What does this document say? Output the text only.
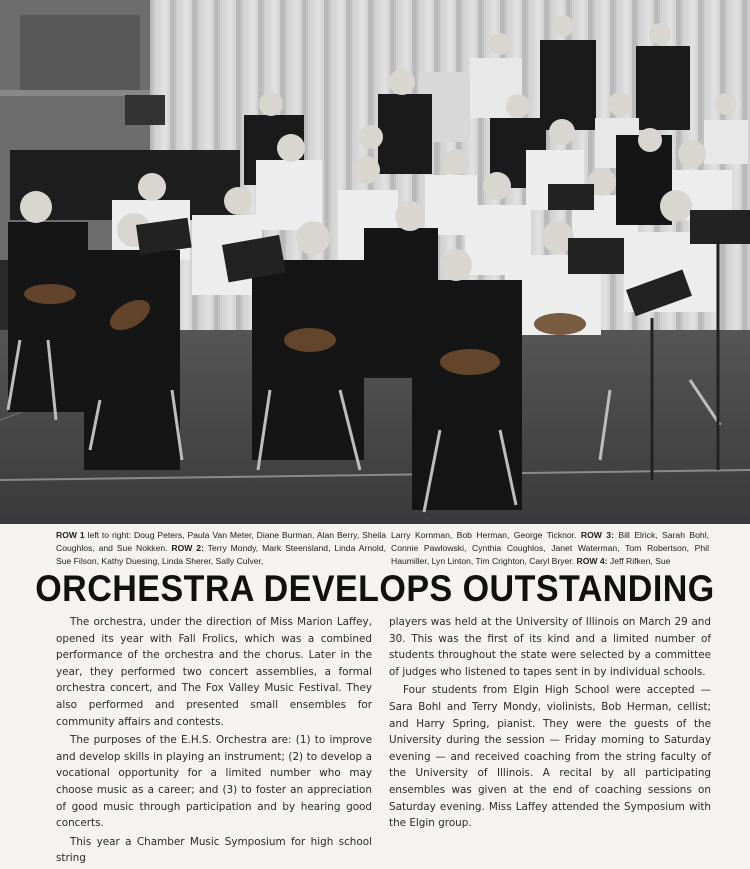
ROW 1 left to right: Doug Peters, Paula Van Meter, Diane Burman, Alan Berry, Sheila Coughlos, and Sue Nokken. ROW 2: Terry Mondy, Mark Steensland, Linda Arnold, Sue Filson, Kathy Duesing, Linda Sherer, Sally Culver,
Larry Kornman, Bob Herman, George Ticknor. ROW 3: Bill Elrick, Sarah Bohl, Connie Pawlowski, Cynthia Coughlos, Janet Waterman, Tom Robertson, Phil Haumiller, Lyn Linton, Tim Crighton, Caryl Bryer. ROW 4: Jeff Rifken, Sue
ORCHESTRA DEVELOPS OUTSTANDING

The orchestra, under the direction of Miss Marion Laffey, opened its year with Fall Frolics, which was a combined performance of the orchestra and the chorus. Later in the year, they performed two concert assemblies, a formal orchestra concert, and The Fox Valley Music Festival. They also performed and presented small ensembles for community affairs and contests.

The purposes of the E.H.S. Orchestra are: (1) to improve and develop skills in playing an instrument; (2) to develop a vocational opportunity for a limited number who may choose music as a career; and (3) to foster an appreciation of good music through participation and by hearing good concerts.

This year a Chamber Music Symposium for high school string

players was held at the University of Illinois on March 29 and 30. This was the first of its kind and a limited number of students throughout the state were selected by a committee of judges who listened to tapes sent in by individual schools.

Four students from Elgin High School were accepted — Sara Bohl and Terry Mondy, violinists, Bob Herman, cellist; and Harry Spring, pianist. They were the guests of the University during the session — Friday morning to Saturday evening — and received coaching from the string faculty of the University of Illinois. A recital by all participating ensembles was given at the end of coaching sessions on Saturday evening. Miss Laffey attended the Symposium with the Elgin group.
